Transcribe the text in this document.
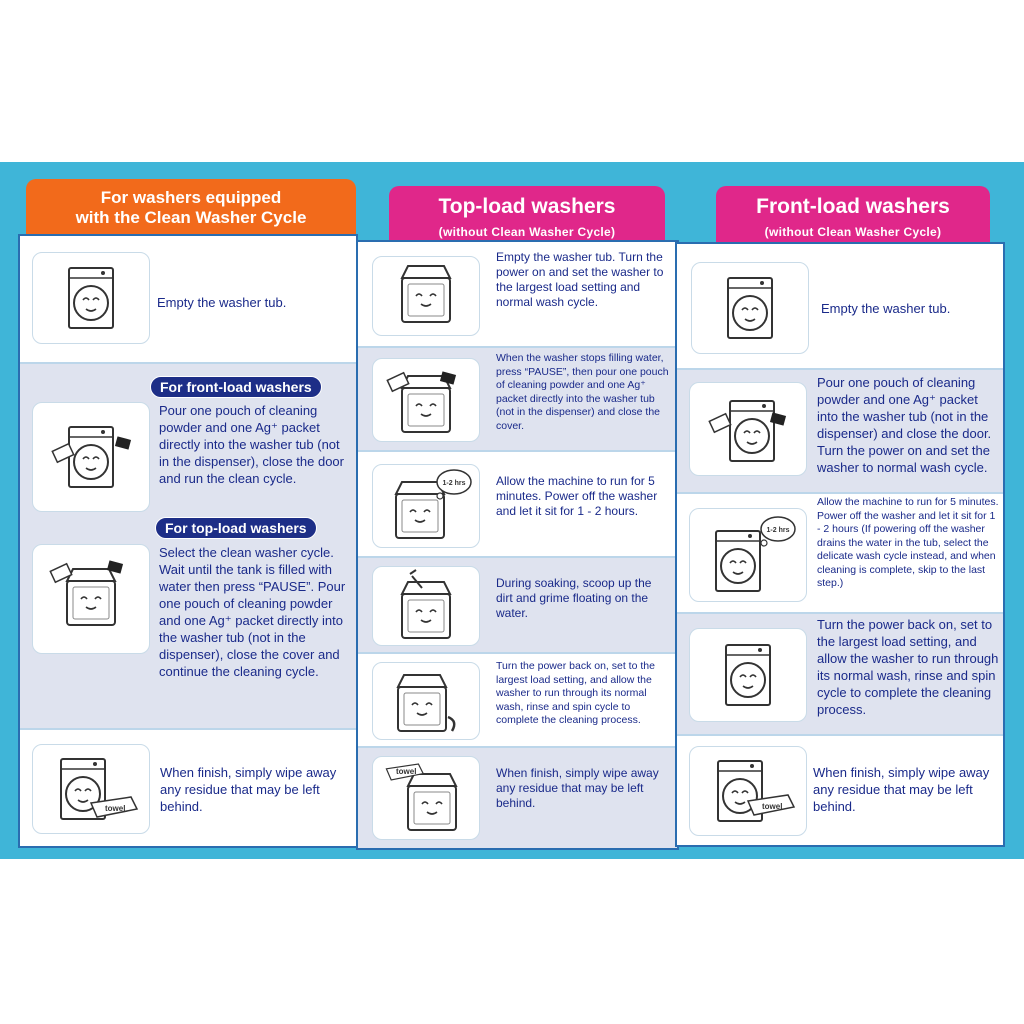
For washers equipped
with the Clean Washer Cycle
Empty the washer tub.
For front-load washers
Pour one pouch of cleaning powder and one Ag⁺ packet directly into the washer tub (not in the dispenser), close the door and run the clean cycle.
For top-load washers
Select the clean washer cycle. Wait until the tank is filled with water then press “PAUSE”. Pour one pouch of cleaning powder and one Ag⁺ packet directly into the washer tub (not in the dispenser), close the cover and continue the cleaning cycle.
towel
When finish, simply wipe away any residue that may be left behind.
Top-load washers
(without Clean Washer Cycle)
Empty the washer tub. Turn the power on and set the washer to the largest load setting and normal wash cycle.
When the washer stops filling water, press “PAUSE”, then pour one pouch of cleaning powder and one Ag⁺ packet directly into the washer tub (not in the dispenser) and close the cover.
1-2 hrs	Allow the machine to run for 5 minutes. Power off the washer and let it sit for 1 - 2 hours.
During soaking, scoop up the dirt and grime floating on the water.
Turn the power back on, set to the largest load setting, and allow the washer to run through its normal wash, rinse and spin cycle to complete the cleaning process.
towel	When finish, simply wipe away any residue that may be left behind.
Front-load washers
(without Clean Washer Cycle)
Empty the washer tub.
Pour one pouch of cleaning powder and one Ag⁺ packet into the washer tub (not in the dispenser) and close the door. Turn the power on and set the washer to normal wash cycle.
1-2 hrs
Allow the machine to run for 5 minutes. Power off the washer and let it sit for 1 - 2 hours (If powering off the washer drains the water in the tub, select the delicate wash cycle instead, and when cleaning is complete, skip to the last step.)
Turn the power back on, set to the largest load setting, and allow the washer to run through its normal wash, rinse and spin cycle to complete the cleaning process.
towel
When finish, simply wipe away any residue that may be left behind.
